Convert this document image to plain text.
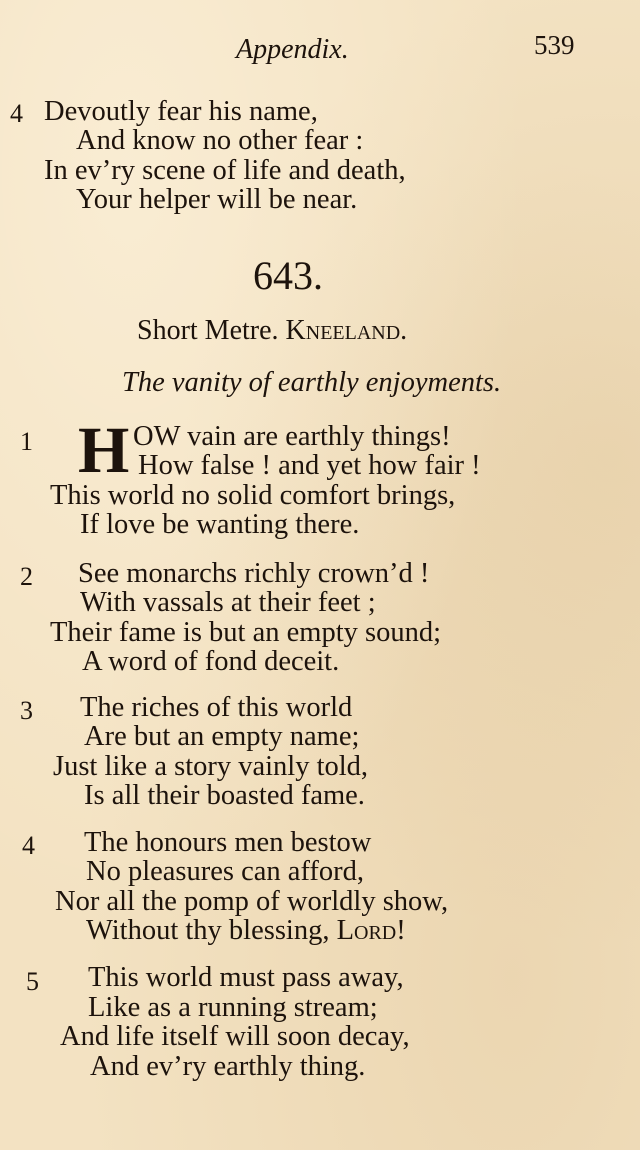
Appendix.	539
4 Devoutly fear his name,
And know no other fear :
In ev’ry scene of life and death,
Your helper will be near.
643.
Short Metre. Kneeland.
The vanity of earthly enjoyments.
1 H OW vain are earthly things!
How false ! and yet how fair !
This world no solid comfort brings,
If love be wanting there.
2 See monarchs richly crown’d !
With vassals at their feet ;
Their fame is but an empty sound;
A word of fond deceit.
3 The riches of this world
Are but an empty name;
Just like a story vainly told,
Is all their boasted fame.
4 The honours men bestow
No pleasures can afford,
Nor all the pomp of worldly show,
Without thy blessing, Lord!
5 This world must pass away,
Like as a running stream;
And life itself will soon decay,
And ev’ry earthly thing.
